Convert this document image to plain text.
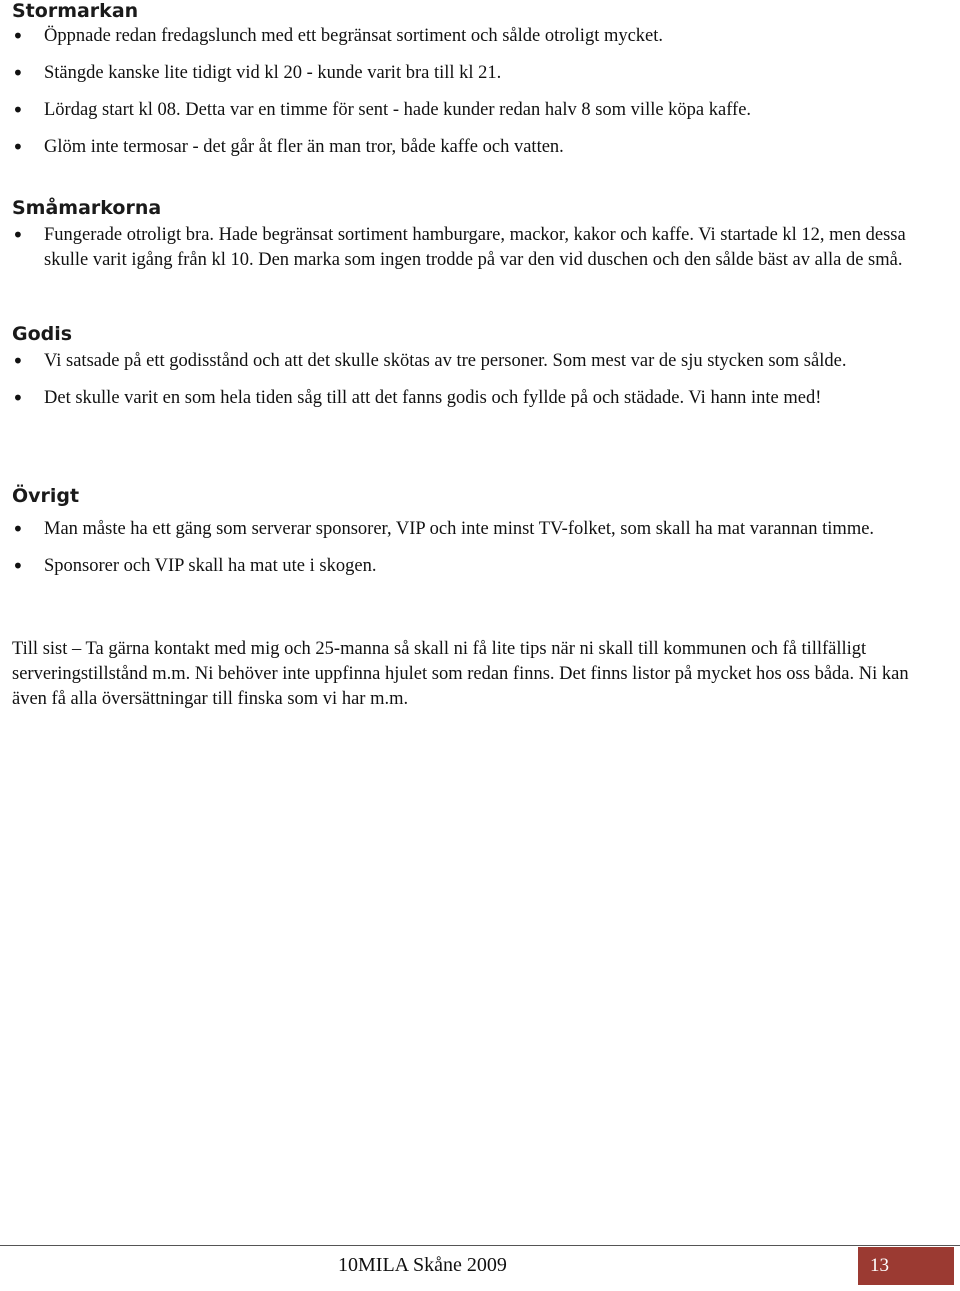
Stormarkan
• Öppnade redan fredagslunch med ett begränsat sortiment och sålde otroligt mycket.
• Stängde kanske lite tidigt vid kl 20 - kunde varit bra till kl 21.
• Lördag start kl 08. Detta var en timme för sent - hade kunder redan halv 8 som ville köpa kaffe.
• Glöm inte termosar - det går åt fler än man tror, både kaffe och vatten.
Småmarkorna
• Fungerade otroligt bra. Hade begränsat sortiment hamburgare, mackor, kakor och kaffe. Vi startade kl 12, men dessa skulle varit igång från kl 10. Den marka som ingen trodde på var den vid duschen och den sålde bäst av alla de små.
Godis
• Vi satsade på ett godisstånd och att det skulle skötas av tre personer. Som mest var de sju stycken som sålde.
• Det skulle varit en som hela tiden såg till att det fanns godis och fyllde på och städade. Vi hann inte med!
Övrigt
• Man måste ha ett gäng som serverar sponsorer, VIP och inte minst TV-folket, som skall ha mat varannan timme.
• Sponsorer och VIP skall ha mat ute i skogen.

Till sist – Ta gärna kontakt med mig och 25-manna så skall ni få lite tips när ni skall till kommunen och få tillfälligt serveringstillstånd m.m. Ni behöver inte uppfinna hjulet som redan finns. Det finns listor på mycket hos oss båda. Ni kan även få alla översättningar till finska som vi har m.m.

10MILA Skåne 2009	13
